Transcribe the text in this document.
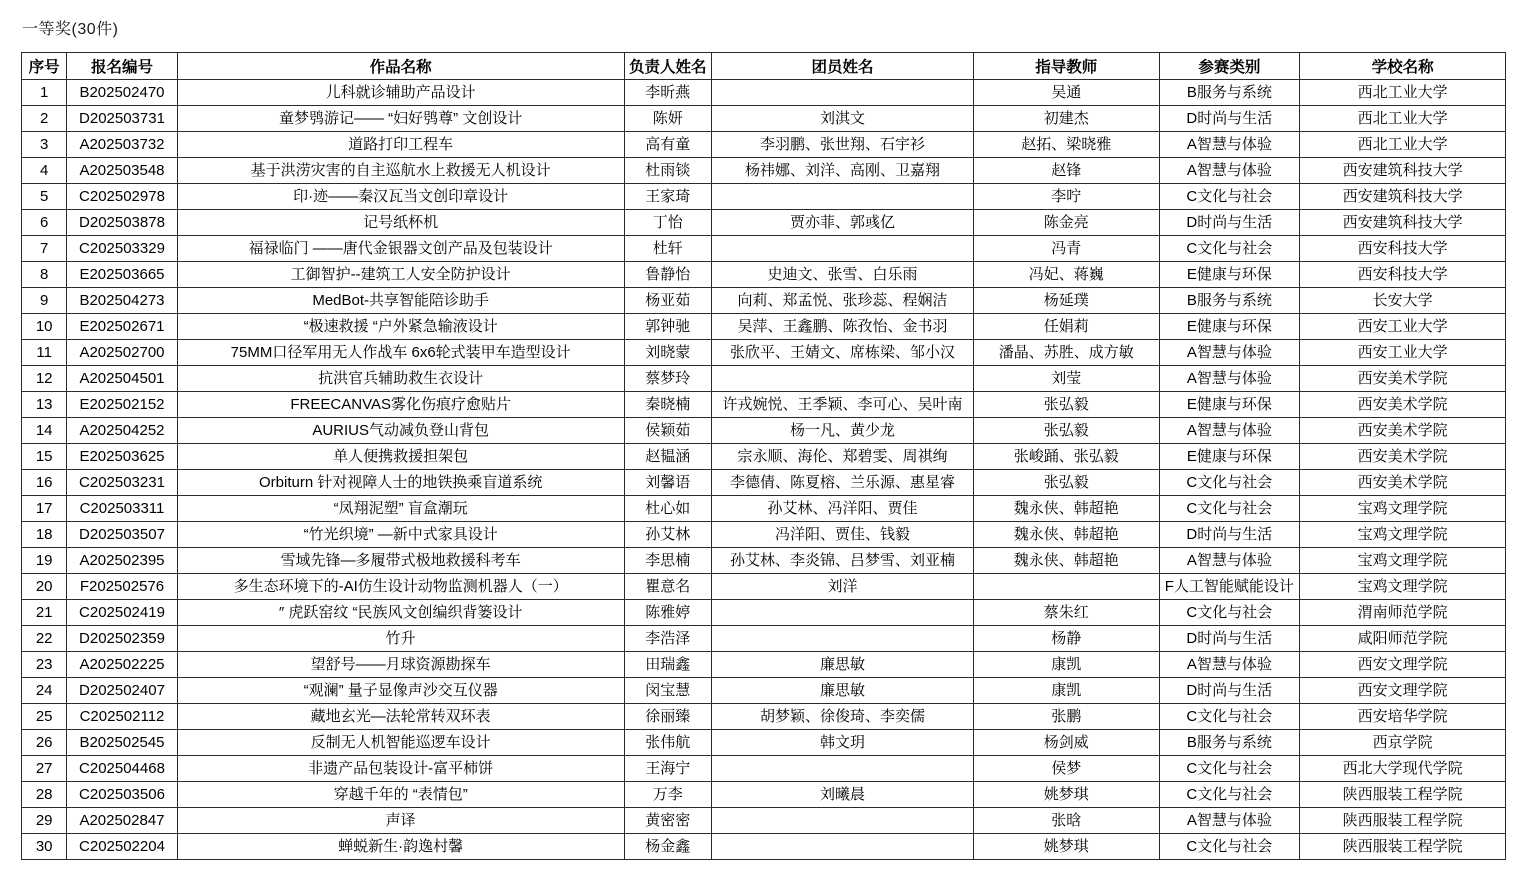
一等奖(30件)
序号	报名编号	作品名称	负责人姓名	团员姓名	指导教师	参赛类别	学校名称
1	B202502470	儿科就诊辅助产品设计	李昕燕		吴通	B服务与系统	西北工业大学
2	D202503731	童梦鸮游记—— “妇好鸮尊” 文创设计	陈妍	刘淇文	初建杰	D时尚与生活	西北工业大学
3	A202503732	道路打印工程车	高有童	李羽鹏、张世翔、石宇衫	赵拓、梁晓雅	A智慧与体验	西北工业大学
4	A202503548	基于洪涝灾害的自主巡航水上救援无人机设计	杜雨锬	杨祎娜、刘洋、高刚、卫嘉翔	赵锋	A智慧与体验	西安建筑科技大学
5	C202502978	印·迹——秦汉瓦当文创印章设计	王家琦		李咛	C文化与社会	西安建筑科技大学
6	D202503878	记号纸杯机	丁怡	贾亦菲、郭彧亿	陈金亮	D时尚与生活	西安建筑科技大学
7	C202503329	福禄临门 ——唐代金银器文创产品及包装设计	杜轩		冯青	C文化与社会	西安科技大学
8	E202503665	工御智护--建筑工人安全防护设计	鲁静怡	史迪文、张雪、白乐雨	冯妃、蒋巍	E健康与环保	西安科技大学
9	B202504273	MedBot-共享智能陪诊助手	杨亚茹	向莉、郑孟悦、张珍蕊、程娴洁	杨延璞	B服务与系统	长安大学
10	E202502671	“极速救援 “户外紧急输液设计	郭钟驰	吴萍、王鑫鹏、陈孜怡、金书羽	任娟莉	E健康与环保	西安工业大学
11	A202502700	75MM口径军用无人作战车 6x6轮式装甲车造型设计	刘晓蒙	张欣平、王婧文、席栋梁、邹小汉	潘晶、苏胜、成方敏	A智慧与体验	西安工业大学
12	A202504501	抗洪官兵辅助救生衣设计	蔡梦玲		刘莹	A智慧与体验	西安美术学院
13	E202502152	FREECANVAS雾化伤痕疗愈贴片	秦晓楠	许戎婉悦、王季颖、李可心、吴叶南	张弘毅	E健康与环保	西安美术学院
14	A202504252	AURIUS气动减负登山背包	侯颖茹	杨一凡、黄少龙	张弘毅	A智慧与体验	西安美术学院
15	E202503625	单人便携救援担架包	赵韫涵	宗永顺、海伦、郑碧雯、周祺绚	张峻踊、张弘毅	E健康与环保	西安美术学院
16	C202503231	Orbiturn 针对视障人士的地铁换乘盲道系统	刘馨语	李德倩、陈夏榕、兰乐源、惠星睿	张弘毅	C文化与社会	西安美术学院
17	C202503311	“凤翔泥塑” 盲盒潮玩	杜心如	孙艾林、冯洋阳、贾佳	魏永侠、韩超艳	C文化与社会	宝鸡文理学院
18	D202503507	“竹光织境” —新中式家具设计	孙艾林	冯洋阳、贾佳、钱毅	魏永侠、韩超艳	D时尚与生活	宝鸡文理学院
19	A202502395	雪域先锋—多履带式极地救援科考车	李思楠	孙艾林、李炎锦、吕梦雪、刘亚楠	魏永侠、韩超艳	A智慧与体验	宝鸡文理学院
20	F202502576	多生态环境下的-AI仿生设计动物监测机器人（一）	瞿意名	刘洋		F人工智能赋能设计	宝鸡文理学院
21	C202502419	″ 虎跃窑纹 “民族风文创编织背篓设计	陈雅婷		蔡朱红	C文化与社会	渭南师范学院
22	D202502359	竹升	李浩泽		杨静	D时尚与生活	咸阳师范学院
23	A202502225	望舒号——月球资源勘探车	田瑞鑫	廉思敏	康凯	A智慧与体验	西安文理学院
24	D202502407	“观澜” 量子显像声沙交互仪器	闵宝慧	廉思敏	康凯	D时尚与生活	西安文理学院
25	C202502112	藏地玄光—法轮常转双环表	徐丽臻	胡梦颖、徐俊琦、李奕儒	张鹏	C文化与社会	西安培华学院
26	B202502545	反制无人机智能巡逻车设计	张伟航	韩文玥	杨剑威	B服务与系统	西京学院
27	C202504468	非遗产品包装设计-富平柿饼	王海宁		侯梦	C文化与社会	西北大学现代学院
28	C202503506	穿越千年的 “表情包”	万李	刘曦晨	姚梦琪	C文化与社会	陕西服装工程学院
29	A202502847	声译	黄密密		张晗	A智慧与体验	陕西服装工程学院
30	C202502204	蝉蜕新生·韵逸村馨	杨金鑫		姚梦琪	C文化与社会	陕西服装工程学院
